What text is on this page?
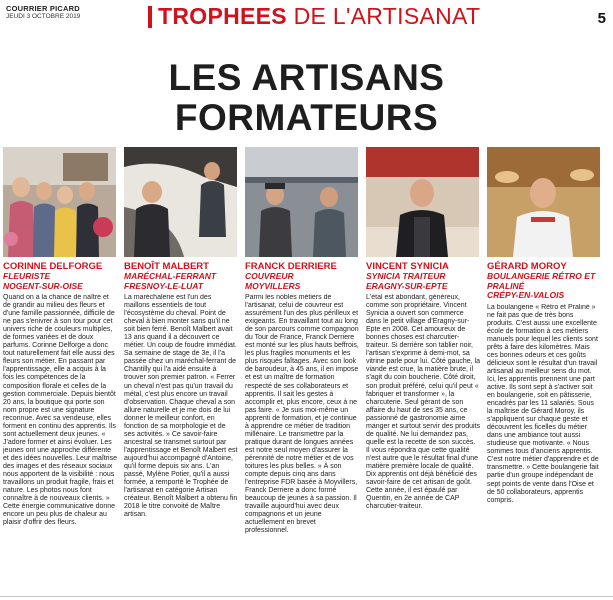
COURRIER PICARD
JEUDI 3 OCTOBRE 2019	TROPHEES DE L'ARTISANAT	5
LES ARTISANS
FORMATEURS

CORINNE DELFORGE

FLEURISTE

NOGENT-SUR-OISE

Quand on a la chance de naître et de grandir au milieu des fleurs et d'une famille passionnée, difficile de ne pas s'enivrer à son tour pour cet univers riche de couleurs multiples, de formes variées et de doux parfums. Corinne Delforge a donc tout naturellement fait elle aussi des fleurs son métier. En passant par l'apprentissage, elle a acquis à la fois les compétences de la composition florale et celles de la gestion commerciale. Depuis bientôt 20 ans, la boutique qui porte son nom propre est une signature reconnue. Avec sa vendeuse, elles forment en continu des apprentis. Ils sont actuellement deux jeunes. « J'adore former et ainsi évoluer. Les jeunes ont une approche différente et des idées nouvelles. Leur maîtrise des images et des réseaux sociaux nous apportent de la visibilité : nous travaillons un produit fragile, frais et nature. Les photos nous font connaître à de nouveaux clients. » Cette énergie communicative donne encore un peu plus de chaleur au plaisir d'offrir des fleurs.

BENOÎT MALBERT

MARÉCHAL-FERRANT

FRESNOY-LE-LUAT

La maréchalerie est l'un des maillons essentiels de tout l'écosystème du cheval. Point de cheval à bien monter sans qu'il ne soit bien ferré. Benoît Malbert avait 13 ans quand il a découvert ce métier. Un coup de foudre immédiat. Sa semaine de stage de 3e, il l'a passée chez un maréchal-ferrant de Chantilly qui l'a aidé ensuite à trouver son premier patron. « Ferrer un cheval n'est pas qu'un travail du métal, c'est plus encore un travail d'observation. Chaque cheval a son allure naturelle et je me dois de lui donner le meilleur confort, en fonction de sa morphologie et de ses activités. » Ce savoir-faire ancestral se transmet surtout par l'apprentissage et Benoît Malbert est aujourd'hui accompagné d'Antoine, qu'il forme depuis six ans. L'an passé, Mylène Potier, qu'il a aussi formée, a remporté le Trophée de l'artisanat en catégorie Artisan créateur. Benoît Malbert a obtenu fin 2018 le titre convoité de Maître artisan.

FRANCK DERRIERE

COUVREUR

MOYVILLERS

Parmi les nobles métiers de l'artisanat, celui de couvreur est assurément l'un des plus périlleux et exigeants. En travaillant tout au long de son parcours comme compagnon du Tour de France, Franck Derriere est monté sur les plus hauts beffrois, les plus fragiles monuments et les plus risqués faîtages. Avec son look de baroudeur, à 45 ans, il en impose et est un maître de formation respecté de ses collaborateurs et apprentis. Il sait les gestes à accomplir et, plus encore, ceux à ne pas faire. « Je suis moi-même un apprenti de formation, et je continue à apprendre ce métier de tradition millénaire. Le transmettre par la pratique durant de longues années est notre seul moyen d'assurer la pérennité de notre métier et de vos toitures les plus belles. » À son compte depuis cinq ans dans l'entreprise FDR basée à Moyvillers, Franck Derriere a donc formé beaucoup de jeunes à sa passion. Il travaille aujourd'hui avec deux compagnons et un jeune actuellement en brevet professionnel.

VINCENT SYNICIA

SYNICIA TRAITEUR

ERAGNY-SUR-EPTE

L'étal est abondant, généreux, comme son propriétaire. Vincent Synicia a ouvert son commerce dans le petit village d'Eragny-sur-Epte en 2008. Cet amoureux de bonnes choses est charcutier-traiteur. Si derrière son tablier noir, l'artisan s'exprime à demi-mot, sa vitrine parle pour lui. Côté gauche, la viande est crue, la matière brute, il s'agit du coin boucherie. Côté droit, son produit préféré, celui qu'il peut « fabriquer et transformer », la charcuterie. Seul gérant de son affaire du haut de ses 35 ans, ce passionné de gastronomie aime manger et surtout servir des produits de qualité. Ne lui demandez pas, quelle est la recette de son succès. Il vous répondra que cette qualité n'est autre que le résultat final d'une matière première locale de qualité. Dix apprentis ont déjà bénéficié des savoir-faire de cet artisan de goût. Cette année, il est épaulé par Quentin, en 2e année de CAP charcutier-traiteur.

GÉRARD MOROY

BOULANGERIE RÉTRO ET PRALINÉ

CRÉPY-EN-VALOIS

La boulangerie « Rétro et Praliné » ne fait pas que de très bons produits. C'est aussi une excellente école de formation à ces métiers manuels pour lequel les clients sont prêts à faire des kilomètres. Mais ces bonnes odeurs et ces goûts délicieux sont le résultat d'un travail artisanal au meilleur sens du mot. Ici, les apprentis prennent une part active. Ils sont sept à s'activer soit en boulangerie, soit en pâtisserie, encadrés par les 11 salariés. Sous la maîtrise de Gérard Moroy, ils s'appliquent sur chaque geste et découvrent les ficelles du métier dans une ambiance tout aussi studieuse que motivante. « Nous sommes tous d'anciens apprentis. C'est notre métier d'apprendre et de transmettre. » Cette boulangerie fait partie d'un groupe indépendant de sept points de vente dans l'Oise et de 50 collaborateurs, apprentis compris.
